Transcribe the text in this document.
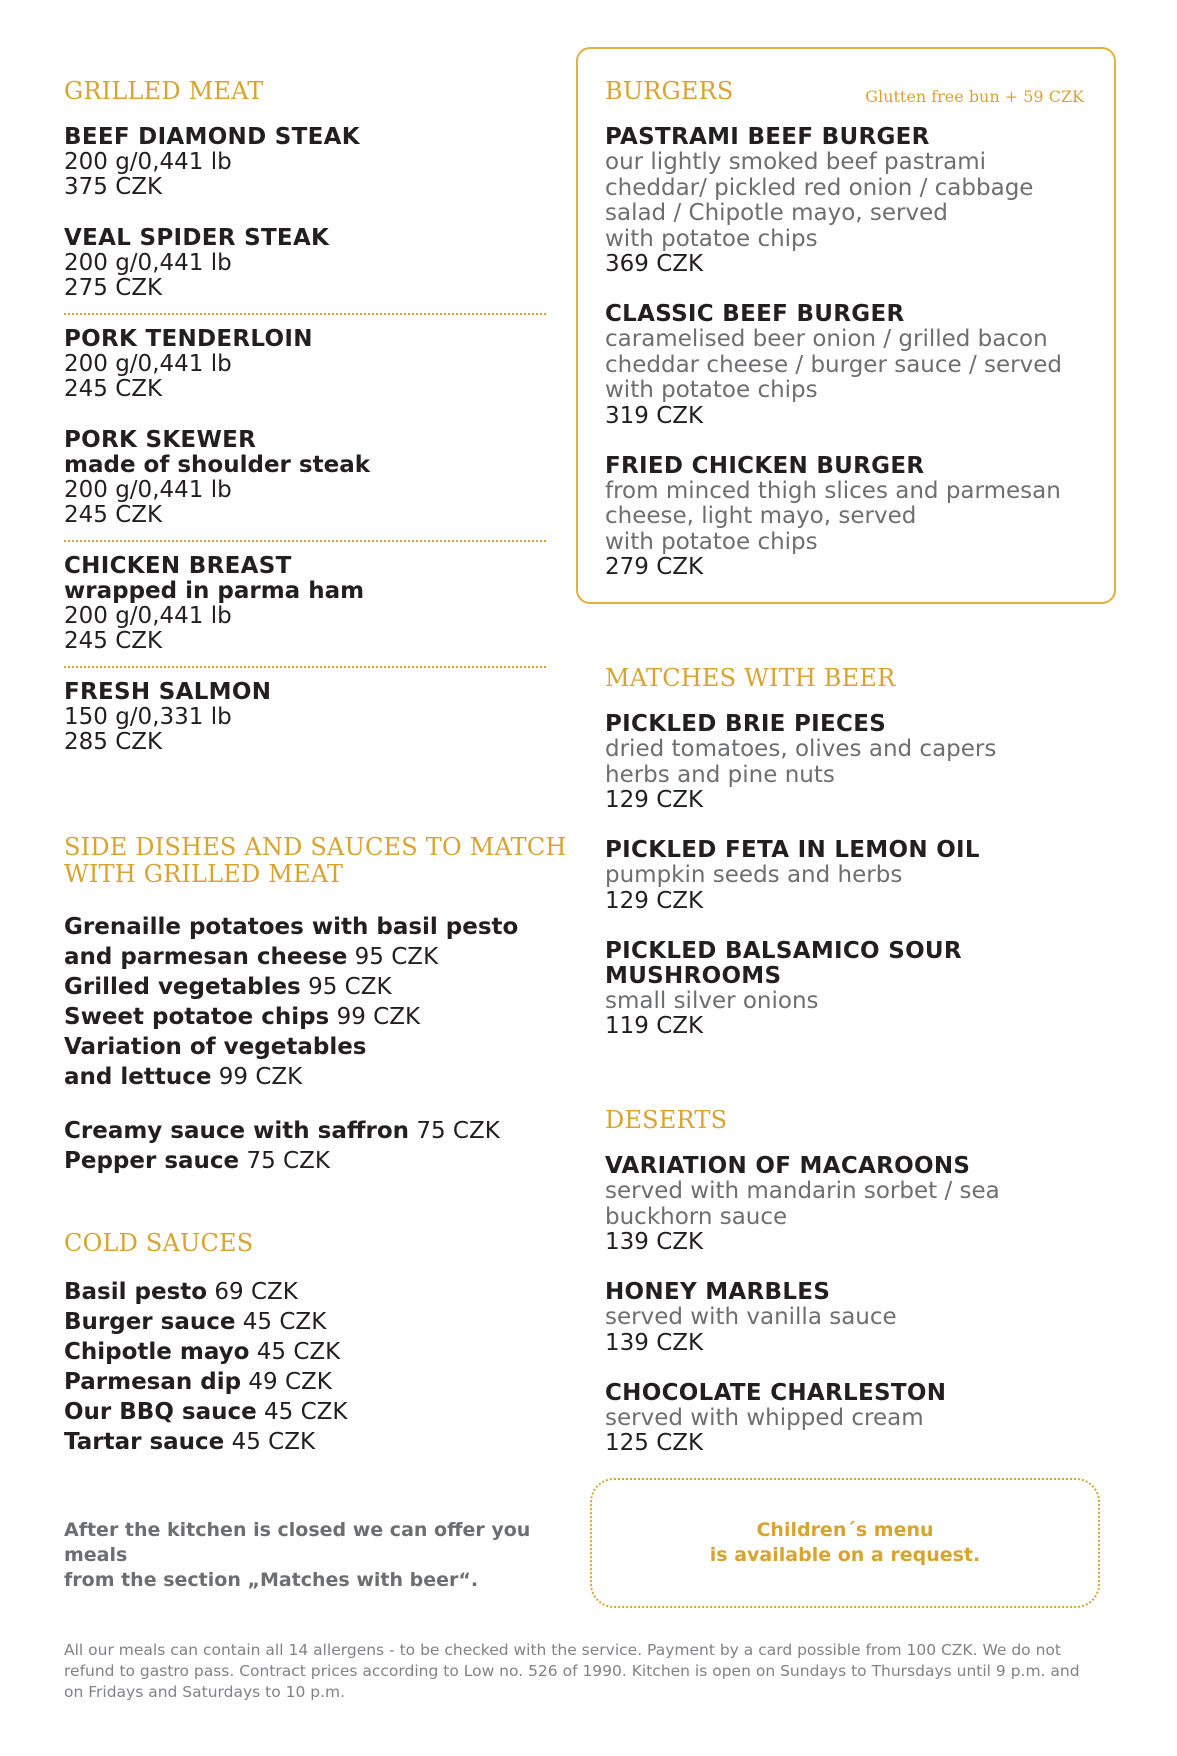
GRILLED MEAT
BEEF DIAMOND STEAK
200 g/0,441 lb
375 CZK
VEAL SPIDER STEAK
200 g/0,441 lb
275 CZK
PORK TENDERLOIN
200 g/0,441 lb
245 CZK
PORK SKEWER
made of shoulder steak
200 g/0,441 lb
245 CZK
CHICKEN BREAST
wrapped in parma ham
200 g/0,441 lb
245 CZK
FRESH SALMON
150 g/0,331 lb
285 CZK
SIDE DISHES AND SAUCES TO MATCH
WITH GRILLED MEAT
Grenaille potatoes with basil pesto
and parmesan cheese 95 CZK
Grilled vegetables 95 CZK
Sweet potatoe chips 99 CZK
Variation of vegetables
and lettuce 99 CZK
Creamy sauce with saffron 75 CZK
Pepper sauce 75 CZK
COLD SAUCES
Basil pesto 69 CZK
Burger sauce 45 CZK
Chipotle mayo 45 CZK
Parmesan dip 49 CZK
Our BBQ sauce 45 CZK
Tartar sauce 45 CZK
Glutten free bun + 59 CZK
BURGERS
PASTRAMI BEEF BURGER
our lightly smoked beef pastrami
cheddar/ pickled red onion / cabbage
salad / Chipotle mayo, served
with potatoe chips
369 CZK
CLASSIC BEEF BURGER
caramelised beer onion / grilled bacon
cheddar cheese / burger sauce / served
with potatoe chips
319 CZK
FRIED CHICKEN BURGER
from minced thigh slices and parmesan
cheese, light mayo, served
with potatoe chips
279 CZK
MATCHES WITH BEER
PICKLED BRIE PIECES
dried tomatoes, olives and capers
herbs and pine nuts
129 CZK
PICKLED FETA IN LEMON OIL
pumpkin seeds and herbs
129 CZK
PICKLED BALSAMICO SOUR
MUSHROOMS
small silver onions
119 CZK
DESERTS
VARIATION OF MACAROONS
served with mandarin sorbet / sea
buckhorn sauce
139 CZK
HONEY MARBLES
served with vanilla sauce
139 CZK
CHOCOLATE CHARLESTON
served with whipped cream
125 CZK
After the kitchen is closed we can offer you meals
from the section „Matches with beer“.
Children´s menu
is available on a request.
All our meals can contain all 14 allergens - to be checked with the service. Payment by a card possible from 100 CZK. We do not
refund to gastro pass. Contract prices according to Low no. 526 of 1990. Kitchen is open on Sundays to Thursdays until 9 p.m. and
on Fridays and Saturdays to 10 p.m.
